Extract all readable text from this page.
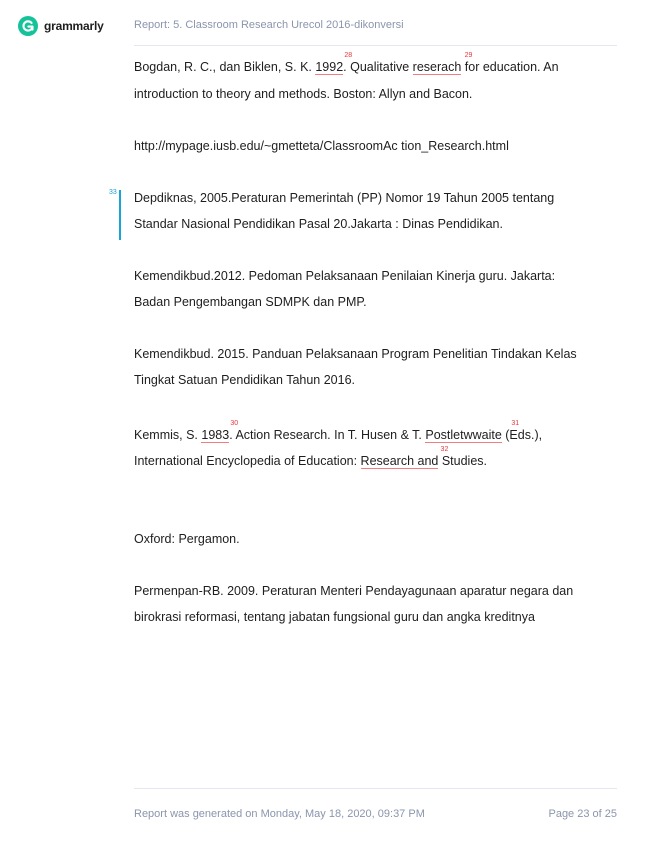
grammarly	Report: 5. Classroom Research Urecol 2016-dikonversi
33
Bogdan, R. C., dan Biklen, S. K. 1992
28
. Qualitative reserach
29
for education. An
introduction to theory and methods. Boston: Allyn and Bacon.
http://mypage.iusb.edu/~gmetteta/ClassroomAc tion_Research.html
Depdiknas, 2005.Peraturan Pemerintah (PP) Nomor 19 Tahun 2005 tentang
Standar Nasional Pendidikan Pasal 20.Jakarta : Dinas Pendidikan.
Kemendikbud.2012. Pedoman Pelaksanaan Penilaian Kinerja guru. Jakarta:
Badan Pengembangan SDMPK dan PMP.
Kemendikbud. 2015. Panduan Pelaksanaan Program Penelitian Tindakan Kelas
Tingkat Satuan Pendidikan Tahun 2016.
Kemmis, S. 1983
30
. Action Research. In T. Husen & T. Postletwwaite
31
(Eds.),
International Encyclopedia of Education: Research and
32
Studies.
Oxford: Pergamon.
Permenpan-RB. 2009. Peraturan Menteri Pendayagunaan aparatur negara dan
birokrasi reformasi, tentang jabatan fungsional guru dan angka kreditnya
Report was generated on Monday, May 18, 2020, 09:37 PM	Page 23 of 25
